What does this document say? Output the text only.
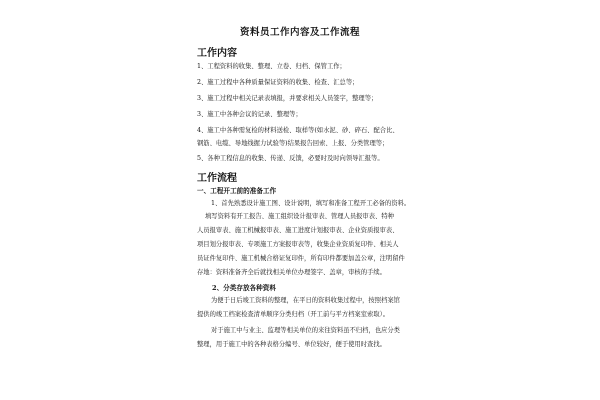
资料员工作内容及工作流程
工作内容
1、工程资料的收集、整理、立卷、归档、保管工作；
2、施工过程中各种质量保证资料的收集、检查、汇总等；
3、施工过程中相关记录表填报，并要求相关人员签字，整理等；
3、施工中各种会议的记录、整理等；
4、施工中各种需复检的材料送检、取样等(如水泥、砂、碎石、配合比、
钢筋、电缆、导地线握力试验等)结果报告回索、上报、分类管理等；
5、各种工程信息的收集、传递、反馈，必要时及时向领导汇报等。
工作流程
一、工程开工前的准备工作
1、首先熟悉设计施工图、设计说明，填写和准备工程开工必备的资料。
填写资料有开工报告、施工组织设计报审表、管理人员报审表、特种
人员报审表、施工机械报审表、施工进度计划报审表、企业资质报审表、
项目划分报审表、专项施工方案报审表等，收集企业资质复印件、相关人
员证件复印件、施工机械合格证复印件，所有印件都要加盖公章，注明留件
存地：资料准备齐全后就找相关单位办理签字、盖章，审核的手续。
2、分类存放各种资料
为便于日后竣工资料的整理，在平日的资料收集过程中，按照档案馆
提供的竣工档案检查清单顺序分类归档（开工前与平方档案室索取）。
对于施工中与业主、监理等相关单位的来往资料虽不归档，也应分类
整理，用于施工中的各种表格分编号、单位较好，便于使用时查找。
